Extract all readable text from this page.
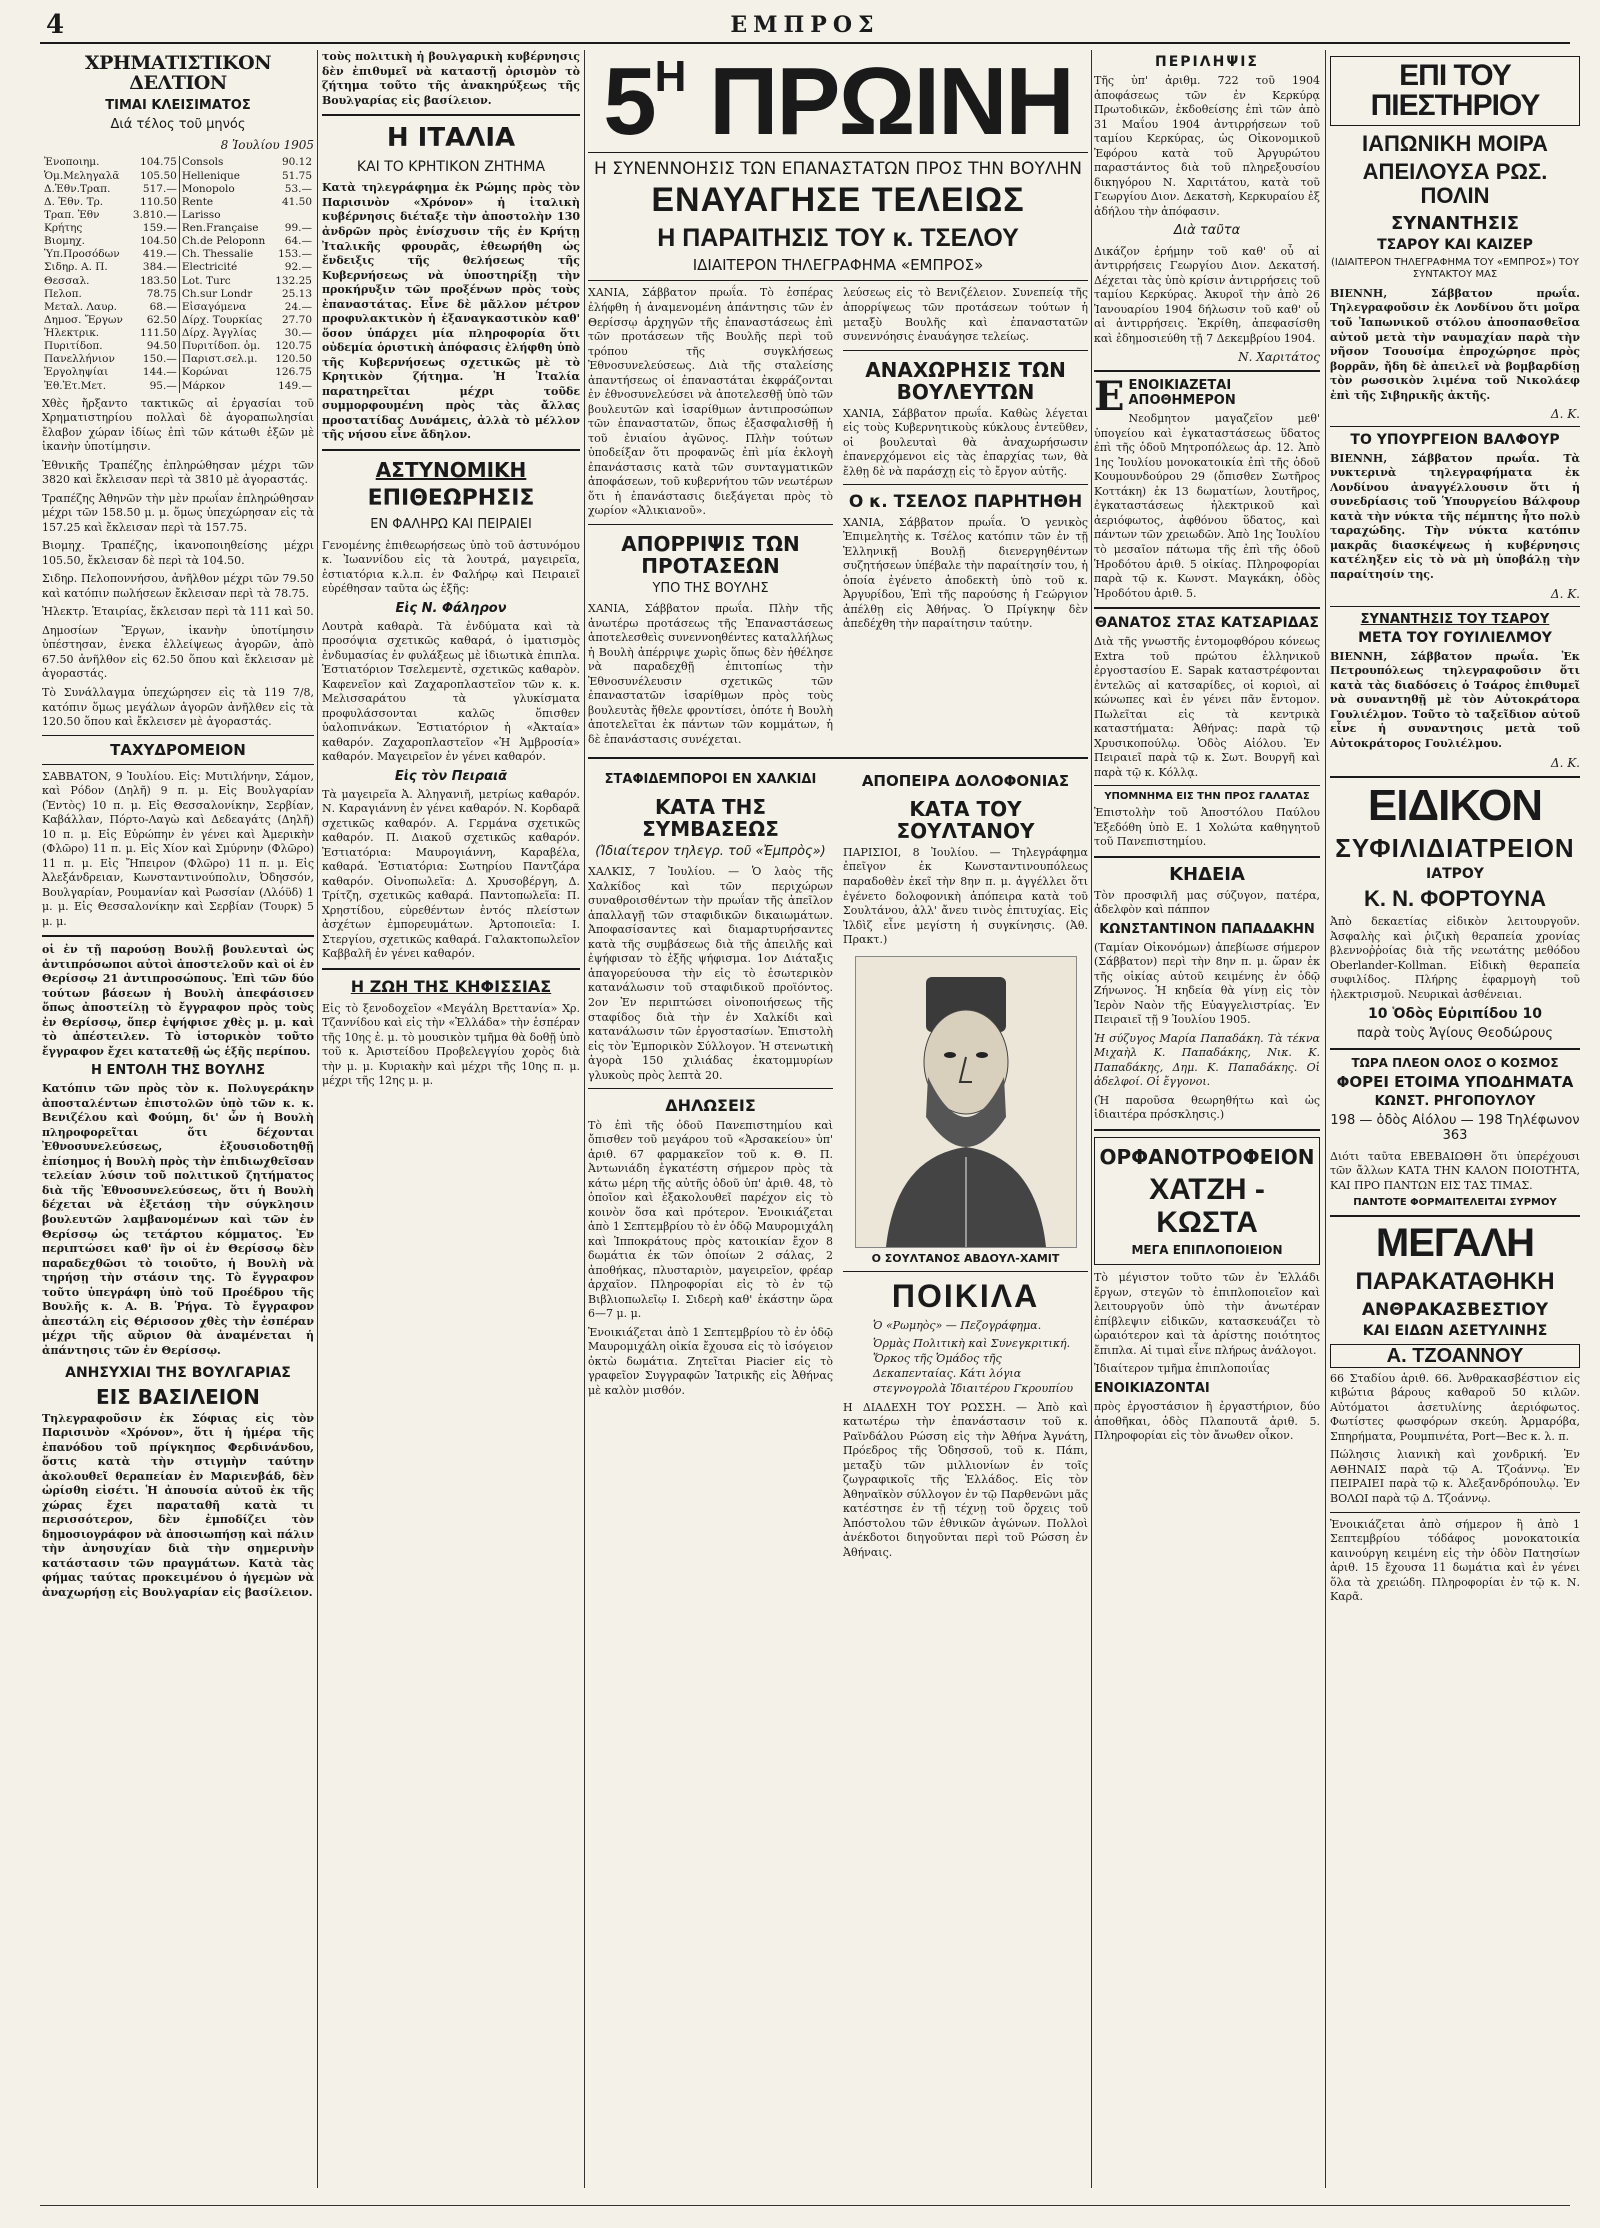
4	ΕΜΠΡΟΣ
ΧΡΗΜΑΤΙΣΤΙΚΟΝ ΔΕΛΤΙΟΝ
ΤΙΜΑΙ ΚΛΕΙΣΙΜΑΤΟΣ
Διά τέλος τοῦ μηνός
8 Ἰουλίου 1905
Ἐνοποιημ.	104.75	Consols	90.12
Ὁμ.Μεληγαλᾶ	105.50	Hellenique	51.75
Δ.Ἐθν.Τραπ.	517.—	Monopolo	53.—
Δ. Ἐθν. Τρ.	110.50	Rente	41.50
Τραπ. Ἐθν	3.810.—	Larisso	
Κρήτης	159.—	Ren.Française	99.—
Βιομηχ.	104.50	Ch.de Peloponn	64.—
Ὑπ.Προσόδων	419.—	Ch. Thessalie	153.—
Σιδηρ. Α. Π.	384.—	Electricité	92.—
Θεσσαλ.	183.50	Lot. Turc	132.25
Πελοπ.	78.75	Ch.sur Londr	25.13
Μεταλ. Λαυρ.	68.—	Εἰσαγόμενα	24.—
Δημοσ. Ἔργων	62.50	Δίρχ. Τουρκίας	27.70
Ἠλεκτρικ.	111.50	Δίρχ. Ἀγγλίας	30.—
Πυριτίδοπ.	94.50	Πυριτίδοπ. ὁμ.	120.75
Πανελλήνιον	150.—	Παριστ.σελ.μ.	120.50
Ἐργοληψίαι	144.—	Κορώναι	126.75
Ἐθ.Ἐτ.Μετ.	95.—	Μάρκον	149.—

Χθὲς ἤρξαντο τακτικῶς αἱ ἐργασίαι τοῦ Χρηματιστηρίου πολλαὶ δὲ ἀγοραπωλησίαι ἔλαβον χώραν ἰδίως ἐπὶ τῶν κάτωθι ἐξῶν μὲ ἱκανὴν ὑποτίμησιν.

Ἐθνικῆς Τραπέζης ἐπληρώθησαν μέχρι τῶν 3820 καὶ ἔκλεισαν περὶ τὰ 3810 μὲ ἀγοραστάς.

Τραπέζης Ἀθηνῶν τὴν μὲν πρωΐαν ἐπληρώθησαν μέχρι τῶν 158.50 μ. μ. ὅμως ὑπεχώρησαν εἰς τὰ 157.25 καὶ ἔκλεισαν περὶ τὰ 157.75.

Βιομηχ. Τραπέζης, ἱκανοποιηθείσης μέχρι 105.50, ἔκλεισαν δὲ περὶ τὰ 104.50.

Σιδηρ. Πελοποννήσου, ἀνῆλθον μέχρι τῶν 79.50 καὶ κατόπιν πωλήσεων ἔκλεισαν περὶ τὰ 78.75.

Ἠλεκτρ. Ἑταιρίας, ἔκλεισαν περὶ τὰ 111 καὶ 50.

Δημοσίων Ἔργων, ἱκανὴν ὑποτίμησιν ὑπέστησαν, ἐνεκα ἐλλείψεως ἀγορῶν, ἀπὸ 67.50 ἀνῆλθον εἰς 62.50 ὅπου καὶ ἔκλεισαν μὲ ἀγοραστάς.

Τὸ Συνάλλαγμα ὑπεχώρησεν εἰς τὰ 119 7/8, κατόπιν ὅμως μεγάλων ἀγορῶν ἀνῆλθεν εἰς τὰ 120.50 ὅπου καὶ ἔκλεισεν μὲ ἀγοραστάς.

ΤΑΧΥΔΡΟΜΕΙΟΝ

ΣΑΒΒΑΤΟΝ, 9 Ἰουλίου. Εἰς: Μυτιλήνην, Σάμον, καὶ Ρόδον (Δηλῆ) 9 π. μ. Εἰς Βουλγαρίαν (Ἐντὸς) 10 π. μ. Εἰς Θεσσαλονίκην, Σερβίαν, Καβάλλαν, Πόρτο-Λαγὼ καὶ Δεδεαγάτς (Δηλῆ) 10 π. μ. Εἰς Εὐρώπην ἐν γένει καὶ Ἀμερικὴν (Φλῶρο) 11 π. μ. Εἰς Χίον καὶ Σμύρνην (Φλῶρο) 11 π. μ. Εἰς Ἤπειρον (Φλῶρο) 11 π. μ. Εἰς Ἀλεξάνδρειαν, Κωνσταντινούπολιν, Ὀδησσόν, Βουλγαρίαν, Ρουμανίαν καὶ Ρωσσίαν (Λλόϋδ) 1 μ. μ. Εἰς Θεσσαλονίκην καὶ Σερβίαν (Τουρκ) 5 μ. μ.

οἱ ἐν τῇ παρούσῃ Βουλῇ βουλευταὶ ὡς ἀντιπρόσωποι αὐτοὶ ἀποστελοῦν καὶ οἱ ἐν Θερίσσῳ 21 ἀντιπροσώπους. Ἐπὶ τῶν δύο τούτων βάσεων ἡ Βουλὴ ἀπεφάσισεν ὅπως ἀποστείλῃ τὸ ἔγγραφον πρὸς τοὺς ἐν Θερίσσῳ, ὅπερ ἐψήφισε χθὲς μ. μ. καὶ τὸ ἀπέστειλεν. Τὸ ἱστορικὸν τοῦτο ἔγγραφον ἔχει κατατεθῇ ὡς ἑξῆς περίπου.

Η ΕΝΤΟΛΗ ΤΗΣ ΒΟΥΛΗΣ

Κατόπιν τῶν πρὸς τὸν κ. Πολυγεράκην ἀποσταλέντων ἐπιστολῶν ὑπὸ τῶν κ. κ. Βενιζέλου καὶ Φούμη, δι' ὧν ἡ Βουλὴ πληροφορεῖται ὅτι δέχονται Ἐθνοσυνελεύσεως, ἐξουσιοδοτηθῇ ἐπίσημος ἡ Βουλὴ πρὸς τὴν ἐπιδιωχθεῖσαν τελείαν λύσιν τοῦ πολιτικοῦ ζητήματος διὰ τῆς Ἐθνοσυνελεύσεως, ὅτι ἡ Βουλὴ δέχεται νὰ ἐξετάσῃ τὴν σύγκλησιν βουλευτῶν λαμβανομένων καὶ τῶν ἐν Θερίσσῳ ὡς τετάρτου κόμματος. Ἐν περιπτώσει καθ' ἣν οἱ ἐν Θερίσσῳ δὲν παραδεχθῶσι τὸ τοιοῦτο, ἡ Βουλὴ νὰ τηρήσῃ τὴν στάσιν της. Τὸ ἔγγραφον τοῦτο ὑπεγράφη ὑπὸ τοῦ Προέδρου τῆς Βουλῆς κ. Α. Β. Ῥήγα. Τὸ ἔγγραφον ἀπεστάλη εἰς Θέρισσον χθὲς τὴν ἑσπέραν μέχρι τῆς αὔριον θὰ ἀναμένεται ἡ ἀπάντησις τῶν ἐν Θερίσσῳ.

ΑΝΗΣΥΧΙΑΙ ΤΗΣ ΒΟΥΛΓΑΡΙΑΣ
ΕΙΣ ΒΑΣΙΛΕΙΟΝ

Τηλεγραφοῦσιν ἐκ Σόφιας εἰς τὸν Παρισινὸν «Χρόνον», ὅτι ἡ ἡμέρα τῆς ἐπανόδου τοῦ πρίγκηπος Φερδινάνδου, ὅστις κατὰ τὴν στιγμὴν ταύτην ἀκολουθεῖ θεραπείαν ἐν Μαριενβάδ, δὲν ὡρίσθη εἰσέτι. Ἡ ἀπουσία αὐτοῦ ἐκ τῆς χώρας ἔχει παραταθῆ κατὰ τι περισσότερον, δὲν ἐμποδίζει τὸν δημοσιογράφον νὰ ἀποσιωπήσῃ καὶ πάλιν τὴν ἀνησυχίαν διὰ τὴν σημερινὴν κατάστασιν τῶν πραγμάτων. Κατὰ τὰς φήμας ταύτας προκειμένου ὁ ἡγεμὼν νὰ ἀναχωρήσῃ εἰς Βουλγαρίαν εἰς βασίλειον.

τοὺς πολιτικὴ ἡ βουλγαρικὴ κυβέρνησις δὲν ἐπιθυμεῖ νὰ καταστῇ ὀρισμὸν τὸ ζήτημα τοῦτο τῆς ἀνακηρύξεως τῆς Βουλγαρίας εἰς βασίλειον.

Η ΙΤΑΛΙΑ
ΚΑΙ ΤΟ ΚΡΗΤΙΚΟΝ ΖΗΤΗΜΑ

Κατὰ τηλεγράφημα ἐκ Ρώμης πρὸς τὸν Παρισινὸν «Χρόνον» ἡ ἰταλικὴ κυβέρνησις διέταξε τὴν ἀποστολὴν 130 ἀνδρῶν πρὸς ἐνίσχυσιν τῆς ἐν Κρήτῃ Ἰταλικῆς φρουρᾶς, ἐθεωρήθη ὡς ἔνδειξις τῆς θελήσεως τῆς Κυβερνήσεως νὰ ὑποστηρίξῃ τὴν προκήρυξιν τῶν προξένων πρὸς τοὺς ἐπαναστάτας. Εἶνε δὲ μᾶλλον μέτρον προφυλακτικὸν ἡ ἐξαναγκαστικὸν καθ' ὅσον ὑπάρχει μία πληροφορία ὅτι οὐδεμία ὁριστικὴ ἀπόφασις ἐλήφθη ὑπὸ τῆς Κυβερνήσεως σχετικῶς μὲ τὸ Κρητικὸν ζήτημα. Ἡ Ἰταλία παρατηρεῖται μέχρι τοῦδε συμμορφουμένη πρὸς τὰς ἄλλας προστατίδας Δυνάμεις, ἀλλὰ τὸ μέλλον τῆς νήσου εἶνε ἄδηλον.

ΑΣΤΥΝΟΜΙΚΗ
ΕΠΙΘΕΩΡΗΣΙΣ
ΕΝ ΦΑΛΗΡΩ ΚΑΙ ΠΕΙΡΑΙΕΙ

Γενομένης ἐπιθεωρήσεως ὑπὸ τοῦ ἀστυνόμου κ. Ἰωαννίδου εἰς τὰ λουτρά, μαγειρεῖα, ἑστιατόρια κ.λ.π. ἐν Φαλήρῳ καὶ Πειραιεῖ εὑρέθησαν ταῦτα ὡς ἑξῆς:

Εἰς Ν. Φάληρον

Λουτρὰ καθαρὰ. Τὰ ἐνδύματα καὶ τὰ προσόψια σχετικῶς καθαρά, ὁ ἱματισμὸς ἐνδυμασίας ἐν φυλάξεως μὲ ἱδιωτικὰ ἐπιπλα. Ἑστιατόριον Τσελεμεντὲ, σχετικῶς καθαρὸν. Καφενεῖον καὶ Ζαχαροπλαστεῖον τῶν κ. κ. Μελισσαράτου τὰ γλυκίσματα προφυλάσσονται καλῶς ὅπισθεν ὑαλοπινάκων. Ἑστιατόριον ἡ «Ἀκταία» καθαρόν. Ζαχαροπλαστεῖον «Ἡ Ἀμβροσία» καθαρόν. Μαγειρεῖον ἐν γένει καθαρόν.

Εἰς τὸν Πειραιᾶ

Τὰ μαγειρεῖα Ἀ. Ἀληγανιῆ, μετρίως καθαρόν. Ν. Καραγιάννη ἐν γένει καθαρόν. Ν. Κορδαρᾶ σχετικῶς καθαρόν. Α. Γερμάνα σχετικῶς καθαρόν. Π. Διακοῦ σχετικῶς καθαρόν. Ἐστιατόρια: Μαυρογιάννη, Καραβέλα, καθαρά. Ἐστιατόρια: Σωτηρίου Παντζάρα καθαρόν. Οἰνοπωλεῖα: Δ. Χρυσοβέργη, Δ. Τρίτζη, σχετικῶς καθαρά. Παντοπωλεῖα: Π. Χρηστίδου, εὑρεθέντων ἐντός πλείστων ἀσχέτων ἐμπορευμάτων. Ἀρτοποιεῖα: Ι. Στεργίου, σχετικῶς καθαρά. Γαλακτοπωλεῖον Καββαλῆ ἐν γένει καθαρόν.

Η ΖΩΗ ΤΗΣ ΚΗΦΙΣΣΙΑΣ

Εἰς τὸ ξενοδοχεῖον «Μεγάλη Βρεττανία» Χρ. Τζαννίδου καὶ εἰς τὴν «Ἑλλάδα» τὴν ἑσπέραν τῆς 10ης ἐ. μ. τὸ μουσικὸν τμῆμα θὰ δοθῇ ὑπὸ τοῦ κ. Ἀριστείδου Προβελεγγίου χορὸς διὰ τὴν μ. μ. Κυριακὴν καὶ μέχρι τῆς 10ης π. μ. μέχρι τῆς 12ης μ. μ.

$5^H$ ΠΡΩΙΝΗ
Η ΣΥΝΕΝΝΟΗΣΙΣ ΤΩΝ ΕΠΑΝΑΣΤΑΤΩΝ ΠΡΟΣ ΤΗΝ ΒΟΥΛΗΝ
ΕΝΑΥΑΓΗΣΕ ΤΕΛΕΙΩΣ
Η ΠΑΡΑΙΤΗΣΙΣ ΤΟΥ κ. ΤΣΕΛΟΥ
ΙΔΙΑΙΤΕΡΟΝ ΤΗΛΕΓΡΑΦΗΜΑ «ΕΜΠΡΟΣ»

ΧΑΝΙΑ, Σάββατον πρωΐα. Τὸ ἑσπέρας ἐλήφθη ἡ ἀναμενομένη ἀπάντησις τῶν ἐν Θερίσσῳ ἀρχηγῶν τῆς ἐπαναστάσεως ἐπὶ τῶν προτάσεων τῆς Βουλῆς περὶ τοῦ τρόπου τῆς συγκλήσεως Ἐθνοσυνελεύσεως. Διὰ τῆς σταλείσης ἀπαντήσεως οἱ ἐπαναστάται ἐκφράζονται ἐν ἐθνοσυνελεύσει νὰ ἀποτελεσθῇ ὑπὸ τῶν βουλευτῶν καὶ ἰσαρίθμων ἀντιπροσώπων τῶν ἐπαναστατῶν, ὅπως ἐξασφαλισθῇ ἡ τοῦ ἐνιαίου ἀγῶνος. Πλὴν τούτων ὑποδείξαν ὅτι προφανῶς ἐπὶ μία ἐκλογὴ ἐπανάστασις κατὰ τῶν συνταγματικῶν ἀποφάσεων, τοῦ κυβερνήτου τῶν νεωτέρων ὅτι ἡ ἐπανάστασις διεξάγεται πρὸς τὸ χωρίον «Ἀλικιανοῦ».

ΑΠΟΡΡΙΨΙΣ ΤΩΝ ΠΡΟΤΑΣΕΩΝ
ΥΠΟ ΤΗΣ ΒΟΥΛΗΣ

ΧΑΝΙΑ, Σάββατον πρωΐα. Πλὴν τῆς ἀνωτέρω προτάσεως τῆς Ἐπαναστάσεως ἀποτελεσθεὶς συνεννοηθέντες καταλλήλως ἡ Βουλὴ ἀπέρριψε χωρὶς ὅπως δὲν ἠθέλησε νὰ παραδεχθῇ ἐπιτοπίως τὴν Ἐθνοσυνέλευσιν σχετικῶς τῶν ἐπαναστατῶν ἰσαρίθμων πρὸς τοὺς βουλευτὰς ἤθελε φροντίσει, ὁπότε ἡ Βουλὴ ἀποτελεῖται ἐκ πάντων τῶν κομμάτων, ἡ δὲ ἐπανάστασις συνέχεται.

λεύσεως εἰς τὸ Βενιζέλειον. Συνεπείᾳ τῆς ἀπορρίψεως τῶν προτάσεων τούτων ἡ μεταξὺ Βουλῆς καὶ ἐπαναστατῶν συνεννόησις ἐναυάγησε τελείως.

ΑΝΑΧΩΡΗΣΙΣ ΤΩΝ ΒΟΥΛΕΥΤΩΝ

ΧΑΝΙΑ, Σάββατον πρωΐα. Καθὼς λέγεται εἰς τοὺς Κυβερνητικοὺς κύκλους ἐντεῦθεν, οἱ βουλευταὶ θὰ ἀναχωρήσωσιν ἐπανερχόμενοι εἰς τὰς ἐπαρχίας των, θὰ ἔλθῃ δὲ νὰ παράσχῃ εἰς τὸ ἔργον αὐτῆς.

Ο κ. ΤΣΕΛΟΣ ΠΑΡΗΤΗΘΗ

ΧΑΝΙΑ, Σάββατον πρωΐα. Ὁ γενικὸς Ἐπιμελητὴς κ. Τσέλος κατόπιν τῶν ἐν τῇ Ἑλληνικῇ Βουλῇ διενεργηθέντων συζητήσεων ὑπέβαλε τὴν παραίτησίν του, ἡ ὁποία ἐγένετο ἀποδεκτὴ ὑπὸ τοῦ κ. Ἀργυρίδου, Ἐπὶ τῆς παρούσης ἡ Γεώργιον ἀπέλθῃ εἰς Ἀθήνας. Ὁ Πρίγκηψ δὲν ἀπεδέχθη τὴν παραίτησιν ταύτην.

ΣΤΑΦΙΔΕΜΠΟΡΟΙ ΕΝ ΧΑΛΚΙΔΙ
ΚΑΤΑ ΤΗΣ ΣΥΜΒΑΣΕΩΣ
(Ἰδιαίτερον τηλεγρ. τοῦ «Ἐμπρὸς»)

ΧΑΛΚΙΣ, 7 Ἰουλίου. — Ὁ λαὸς τῆς Χαλκίδος καὶ τῶν περιχώρων συναθροισθέντων τὴν πρωΐαν τῆς ἀπεῖλον ἀπαλλαγῇ τῶν σταφιδικῶν δικαιωμάτων. Ἀποφασίσαντες καὶ διαμαρτυρήσαντες κατὰ τῆς συμβάσεως διὰ τῆς ἀπειλῆς καὶ ἐψήφισαν τὸ ἑξῆς ψήφισμα. 1ον Διάταξις ἀπαγορεύουσα τὴν εἰς τὸ ἐσωτερικὸν κατανάλωσιν τοῦ σταφιδικοῦ προϊόντος. 2ον Ἐν περιπτώσει οἰνοποιήσεως τῆς σταφίδος διὰ τὴν ἐν Χαλκίδι καὶ κατανάλωσιν τῶν ἐργοστασίων. Ἐπιστολὴ εἰς τὸν Ἐμπορικὸν Σύλλογον. Ἡ στενωτικὴ ἀγορὰ 150 χιλιάδας ἐκατομμυρίων γλυκοὺς πρὸς λεπτὰ 20.

ΔΗΛΩΣΕΙΣ

Τὸ ἐπὶ τῆς ὁδοῦ Πανεπιστημίου καὶ ὄπισθεν τοῦ μεγάρου τοῦ «Ἀρσακείου» ὑπ' ἀριθ. 67 φαρμακεῖον τοῦ κ. Θ. Π. Ἀντωνιάδη ἐγκατέστη σήμερον πρὸς τὰ κάτω μέρη τῆς αὐτῆς ὁδοῦ ὑπ' ἀριθ. 48, τὸ ὁποῖον καὶ ἐξακολουθεῖ παρέχον εἰς τὸ κοινὸν ὅσα καὶ πρότερον. Ἐνοικιάζεται ἀπὸ 1 Σεπτεμβρίου τὸ ἐν ὁδῷ Μαυρομιχάλη καὶ Ἱπποκράτους πρὸς κατοικίαν ἔχον 8 δωμάτια ἐκ τῶν ὁποίων 2 σάλας, 2 ἀποθήκας, πλυσταριὸν, μαγειρεῖον, φρέαρ ἀρχαῖον. Πληροφορίαι εἰς τὸ ἐν τῷ Βιβλιοπωλεῖῳ Ι. Σιδερὴ καθ' ἑκάστην ὥρα 6—7 μ. μ.

Ἐνοικιάζεται ἀπὸ 1 Σεπτεμβρίου τὸ ἐν ὁδῷ Μαυρομιχάλη οἰκία ἔχουσα εἰς τὸ ἰσόγειον ὀκτὼ δωμάτια. Ζητεῖται Piacier εἰς τὸ γραφεῖον Συγγραφῶν Ἰατρικῆς εἰς Ἀθήνας μὲ καλὸν μισθόν.

ΑΠΟΠΕΙΡΑ ΔΟΛΟΦΟΝΙΑΣ
ΚΑΤΑ ΤΟΥ ΣΟΥΛΤΑΝΟΥ

ΠΑΡΙΣΙΟΙ, 8 Ἰουλίου. — Τηλεγράφημα ἐπεῖγον ἐκ Κωνσταντινουπόλεως παραδοθὲν ἐκεῖ τὴν 8ην π. μ. ἀγγέλλει ὅτι ἐγένετο δολοφονικὴ ἀπόπειρα κατὰ τοῦ Σουλτάνου, ἀλλ' ἄνευ τινὸς ἐπιτυχίας. Εἰς Ἰλδὶζ εἶνε μεγίστη ἡ συγκίνησις. (Ἀθ. Πρακτ.)

Ο ΣΟΥΛΤΑΝΟΣ ΑΒΔΟΥΛ-ΧΑΜΙΤ
ΠΟΙΚΙΛΑ
Ὁ «Ρωμηὸς» — Πεζογράφημα.
Ὁρμὰς Πολιτικὴ καὶ Συνεγκριτική. Ὅρκος τῆς Ὁμάδος τῆς Δεκαπενταίας. Κάτι λόγια στεγνογρολὰ Ἰδιαιτέρου Γκρουπίου

Η ΔΙΑΔΕΧΗ ΤΟΥ ΡΩΣΣΗ. — Ἀπὸ καὶ κατωτέρω τὴν ἐπανάστασιν τοῦ κ. Ραϊνδάλου Ρώσση εἰς τὴν Ἀθήνα Ἀγνάτη, Πρόεδρος τῆς Ὁδησσοῦ, τοῦ κ. Πάπι, μεταξὺ τῶν μιλλιονίων ἐν τοῖς ζωγραφικοῖς τῆς Ἑλλάδος. Εἰς τὸν Ἀθηναϊκὸν σύλλογον ἐν τῷ Παρθενῶνι μᾶς κατέστησε ἐν τῇ τέχνῃ τοῦ ὄρχεις τοῦ Ἀπόστολου τῶν ἐθνικῶν ἀγώνων. Πολλοὶ ἀνέκδοτοι διηγοῦνται περὶ τοῦ Ρώσση ἐν Ἀθήναις.

ΠΕΡΙΛΗΨΙΣ

Τῆς ὑπ' ἀριθμ. 722 τοῦ 1904 ἀποφάσεως τῶν ἐν Κερκύρᾳ Πρωτοδικῶν, ἐκδοθείσης ἐπὶ τῶν ἀπὸ 31 Μαΐου 1904 ἀντιρρήσεων τοῦ ταμίου Κερκύρας, ὡς Οἰκονομικοῦ Ἐφόρου κατὰ τοῦ Ἀργυρώτου παραστάντος διὰ τοῦ πληρεξουσίου δικηγόρου Ν. Χαριτάτου, κατὰ τοῦ Γεωργίου Διον. Δεκατσὴ, Κερκυραίου ἐξ ἀδήλου τὴν ἀπόφασιν.

Διὰ ταῦτα

Δικάζον ἐρήμην τοῦ καθ' οὗ αἱ ἀντιρρήσεις Γεωργίου Διον. Δεκατσή. Δέχεται τὰς ὑπὸ κρίσιν ἀντιρρήσεις τοῦ ταμίου Κερκύρας. Ἀκυροῖ τὴν ἀπὸ 26 Ἰανουαρίου 1904 δήλωσιν τοῦ καθ' οὗ αἱ ἀντιρρήσεις. Ἐκρίθη, ἀπεφασίσθη καὶ ἐδημοσιεύθη τῇ 7 Δεκεμβρίου 1904.

Ν. Χαριτάτος
ΕΕΝΟΙΚΙΑΖΕΤΑΙ ΑΠΟΘΗΜΕΡΟΝ

Νεοδμητον μαγαζεῖον μεθ' ὑπογείου καὶ ἐγκαταστάσεως ὕδατος ἐπὶ τῆς ὁδοῦ Μητροπόλεως ἀρ. 12. Ἀπὸ 1ης Ἰουλίου μονοκατοικία ἐπὶ τῆς ὁδοῦ Κουμουνδούρου 29 (ὄπισθεν Σωτῆρος Κοττάκη) ἐκ 13 δωματίων, λουτῆρος, ἐγκαταστάσεως ἠλεκτρικοῦ καὶ ἀεριόφωτος, ἀφθόνου ὕδατος, καὶ πάντων τῶν χρειωδῶν. Ἀπὸ 1ης Ἰουλίου τὸ μεσαῖον πάτωμα τῆς ἐπὶ τῆς ὁδοῦ Ἡροδότου ἀριθ. 5 οἰκίας. Πληροφορίαι παρὰ τῷ κ. Κωνστ. Μαγκάκη, ὁδὸς Ἡροδότου ἀριθ. 5.

ΘΑΝΑΤΟΣ ΣΤΑΣ ΚΑΤΣΑΡΙΔΑΣ

Διὰ τῆς γνωστῆς ἐντομοφθόρου κόνεως Extra τοῦ πρώτου ἑλληνικοῦ ἐργοστασίου Ε. Sapak καταστρέφονται ἐντελῶς αἱ κατσαρίδες, οἱ κοριοὶ, αἱ κώνωπες καὶ ἐν γένει πᾶν ἔντομον. Πωλεῖται εἰς τὰ κεντρικὰ καταστήματα: Ἀθήνας: παρὰ τῷ Χρυσικοπούλῳ. Ὁδὸς Αἰόλου. Ἐν Πειραιεῖ παρὰ τῷ κ. Σωτ. Βουργῆ καὶ παρὰ τῷ κ. Κόλλᾳ.

ΥΠΟΜΝΗΜΑ ΕΙΣ ΤΗΝ ΠΡΟΣ ΓΑΛΑΤΑΣ

Ἐπιστολὴν τοῦ Ἀποστόλου Παύλου Ἐξεδόθη ὑπὸ Ε. 1 Χολώτα καθηγητοῦ τοῦ Πανεπιστημίου.

ΚΗΔΕΙΑ

Τὸν προσφιλῆ μας σύζυγον, πατέρα, ἀδελφὸν καὶ πάππον

ΚΩΝΣΤΑΝΤΙΝΟΝ ΠΑΠΑΔΑΚΗΝ

(Ταμίαν Οἰκονόμων) ἀπεβίωσε σήμερον (Σάββατον) περὶ τὴν 8ην π. μ. ὥραν ἐκ τῆς οἰκίας αὐτοῦ κειμένης ἐν ὁδῷ Ζήνωνος. Ἡ κηδεία θὰ γίνῃ εἰς τὸν Ἱερὸν Ναὸν τῆς Εὐαγγελιστρίας. Ἐν Πειραιεῖ τῇ 9 Ἰουλίου 1905.

Ἡ σύζυγος Μαρία Παπαδάκη. Τὰ τέκνα Μιχαὴλ Κ. Παπαδάκης, Νικ. Κ. Παπαδάκης, Δημ. Κ. Παπαδάκης. Οἱ ἀδελφοί. Οἱ ἔγγονοι.

(Ἡ παροῦσα θεωρηθήτω καὶ ὡς ἰδιαιτέρα πρόσκλησις.)

ΟΡΦΑΝΟΤΡΟΦΕΙΟΝ
ΧΑΤΖΗ - ΚΩΣΤΑ
ΜΕΓΑ ΕΠΙΠΛΟΠΟΙΕΙΟΝ

Τὸ μέγιστον τοῦτο τῶν ἐν Ἑλλάδι ἔργων, στεγῶν τὸ ἐπιπλοποιεῖον καὶ λειτουργοῦν ὑπὸ τὴν ἀνωτέραν ἐπίβλεψιν εἰδικῶν, κατασκευάζει τὸ ὡραιότερον καὶ τὰ ἀρίστης ποιότητος ἔπιπλα. Αἱ τιμαὶ εἶνε πλήρως ἀνάλογοι.

Ἰδιαίτερον τμῆμα ἐπιπλοποιΐας

ΕΝΟΙΚΙΑΖΟΝΤΑΙ

πρὸς ἐργοστάσιον ἢ ἐργαστήριον, δύο ἀποθῆκαι, ὁδὸς Πλαπουτᾶ ἀριθ. 5. Πληροφορίαι εἰς τὸν ἄνωθεν οἶκον.

ΕΠΙ ΤΟΥ ΠΙΕΣΤΗΡΙΟΥ
ΙΑΠΩΝΙΚΗ ΜΟΙΡΑ
ΑΠΕΙΛΟΥΣΑ ΡΩΣ. ΠΟΛΙΝ
ΣΥΝΑΝΤΗΣΙΣ
ΤΣΑΡΟΥ ΚΑΙ ΚΑΙΖΕΡ
(ΙΔΙΑΙΤΕΡΟΝ ΤΗΛΕΓΡΑΦΗΜΑ ΤΟΥ «ΕΜΠΡΟΣ») ΤΟΥ ΣΥΝΤΑΚΤΟΥ ΜΑΣ

ΒΙΕΝΝΗ, Σάββατον πρωΐα. Τηλεγραφοῦσιν ἐκ Λονδίνου ὅτι μοῖρα τοῦ Ἰαπωνικοῦ στόλου ἀποσπασθεῖσα αὐτοῦ μετὰ τὴν ναυμαχίαν παρὰ τὴν νῆσον Τσουσίμα ἐπροχώρησε πρὸς βορρᾶν, ἤδη δὲ ἀπειλεῖ νὰ βομβαρδίσῃ τὸν ρωσσικὸν λιμένα τοῦ Νικολάεφ ἐπὶ τῆς Σιβηρικῆς ἀκτῆς.

Δ. Κ.
ΤΟ ΥΠΟΥΡΓΕΙΟΝ ΒΑΛΦΟΥΡ

ΒΙΕΝΝΗ, Σάββατον πρωΐα. Τὰ νυκτερινὰ τηλεγραφήματα ἐκ Λονδίνου ἀναγγέλλουσιν ὅτι ἡ συνεδρίασις τοῦ Ὑπουργείου Βάλφουρ κατὰ τὴν νύκτα τῆς πέμπτης ἦτο πολὺ ταραχώδης. Τὴν νύκτα κατόπιν μακρᾶς διασκέψεως ἡ κυβέρνησις κατέληξεν εἰς τὸ νὰ μὴ ὑποβάλῃ τὴν παραίτησίν της.

Δ. Κ.
ΣΥΝΑΝΤΗΣΙΣ ΤΟΥ ΤΣΑΡΟΥ
ΜΕΤΑ ΤΟΥ ΓΟΥΙΛΙΕΛΜΟΥ

ΒΙΕΝΝΗ, Σάββατον πρωΐα. Ἐκ Πετρουπόλεως τηλεγραφοῦσιν ὅτι κατὰ τὰς διαδόσεις ὁ Τσάρος ἐπιθυμεῖ νὰ συναντηθῇ μὲ τὸν Αὐτοκράτορα Γουλιέλμον. Τοῦτο τὸ ταξεῖδιον αὐτοῦ εἶνε ἡ συναντησις μετὰ τοῦ Αὐτοκράτορος Γουλιέλμου.

Δ. Κ.
ΕΙΔΙΚΟΝ
ΣΥΦΙΛΙΔΙΑΤΡΕΙΟΝ
ΙΑΤΡΟΥ
Κ. Ν. ΦΟΡΤΟΥΝΑ

Ἀπὸ δεκαετίας εἰδικὸν λειτουργοῦν. Ἀσφαλὴς καὶ ῥιζικὴ θεραπεία χρονίας βλεννοῤῥοίας διὰ τῆς νεωτάτης μεθόδου Oberlander-Kollman. Εἰδικὴ θεραπεία συφιλίδος. Πλήρης ἐφαρμογὴ τοῦ ἠλεκτρισμοῦ. Νευρικαὶ ἀσθένειαι.

10 Ὁδὸς Εὐριπίδου 10
παρὰ τοὺς Ἁγίους Θεοδώρους
ΤΩΡΑ ΠΛΕΟΝ ΟΛΟΣ Ο ΚΟΣΜΟΣ
ΦΟΡΕΙ ΕΤΟΙΜΑ ΥΠΟΔΗΜΑΤΑ
ΚΩΝΣΤ. ΡΗΓΟΠΟΥΛΟΥ
198 — ὁδὸς Αἰόλου — 198 Τηλέφωνον 363

Διότι ταῦτα ΕΒΕΒΑΙΩΘΗ ὅτι ὑπερέχουσι τῶν ἄλλων ΚΑΤΑ ΤΗΝ ΚΑΛΟΝ ΠΟΙΟΤΗΤΑ, ΚΑΙ ΠΡΟ ΠΑΝΤΩΝ ΕΙΣ ΤΑΣ ΤΙΜΑΣ.

ΠΑΝΤΟΤΕ ΦΟΡΜΑΙΤΕΛΕΙΤΑΙ ΣΥΡΜΟΥ
ΜΕΓΑΛΗ
ΠΑΡΑΚΑΤΑΘΗΚΗ
ΑΝΘΡΑΚΑΣΒΕΣΤΙΟΥ
ΚΑΙ ΕΙΔΩΝ ΑΣΕΤΥΛΙΝΗΣ
Α. ΤΖΟΑΝΝΟΥ

66 Σταδίου ἀριθ. 66. Ἀνθρακασβέστιον εἰς κιβώτια βάρους καθαροῦ 50 κιλῶν. Αὐτόματοι ἀσετυλίνης ἀεριόφωτος. Φωτίστες φωσφόρων σκεύη. Ἀρμαρόβα, Σπηρήματα, Ρουμπινέτα, Port—Bec κ. λ. π.

Πώλησις λιανικὴ καὶ χονδρική. Ἐν ΑΘΗΝΑΙΣ παρὰ τῷ Α. Τζοάννῳ. Ἐν ΠΕΙΡΑΙΕΙ παρὰ τῷ κ. Ἀλεξανδρόπουλῳ. Ἐν ΒΟΛΩΙ παρὰ τῷ Δ. Τζοάννῳ.

Ἐνοικιάζεται ἀπὸ σήμερον ἢ ἀπὸ 1 Σεπτεμβρίου τόδάφος μονοκατοικία καινούργη κειμένη εἰς τὴν ὁδὸν Πατησίων ἀριθ. 15 ἔχουσα 11 δωμάτια καὶ ἐν γένει ὅλα τὰ χρειώδη. Πληροφορίαι ἐν τῷ κ. Ν. Καρᾶ.
